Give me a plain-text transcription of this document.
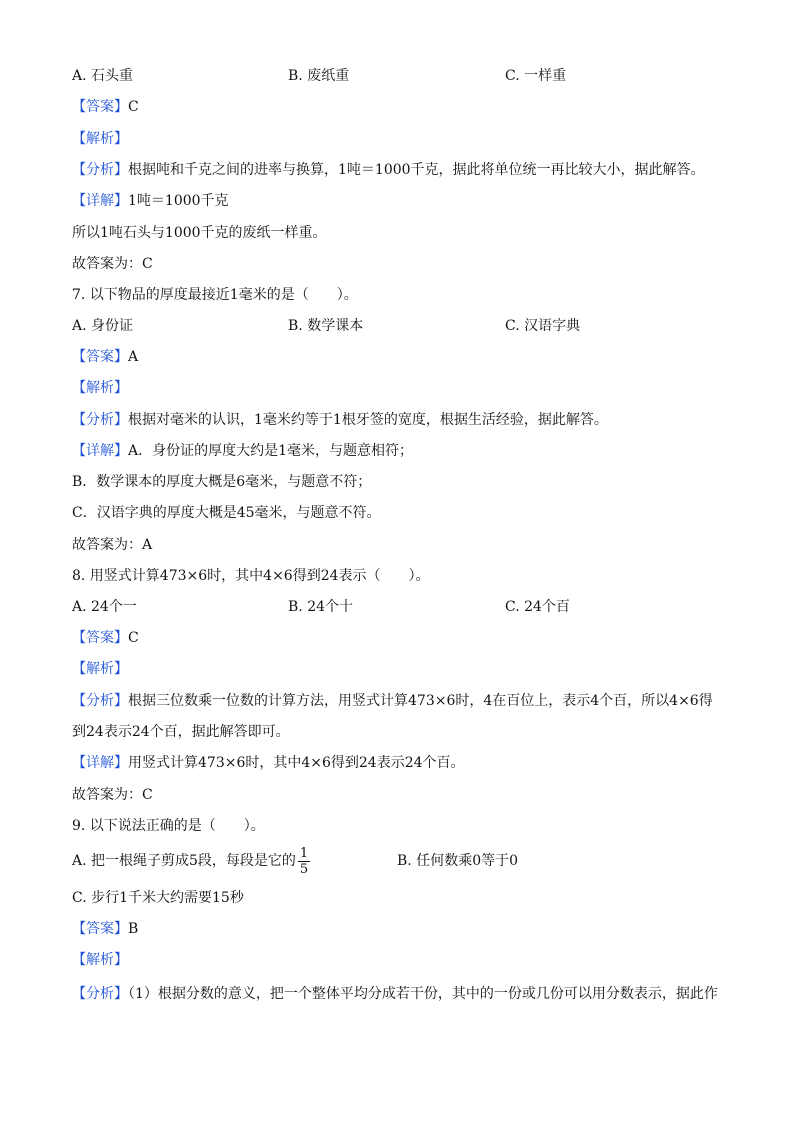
A. 石头重	B. 废纸重	C. 一样重
【答案】C
【解析】
【分析】根据吨和千克之间的进率与换算，1吨＝1000千克，据此将单位统一再比较大小，据此解答。
【详解】1吨＝1000千克
所以1吨石头与1000千克的废纸一样重。
故答案为：C
7. 以下物品的厚度最接近1毫米的是（　　）。
A. 身份证	B. 数学课本	C. 汉语字典
【答案】A
【解析】
【分析】根据对毫米的认识，1毫米约等于1根牙签的宽度，根据生活经验，据此解答。
【详解】A．身份证的厚度大约是1毫米，与题意相符；
B．数学课本的厚度大概是6毫米，与题意不符；
C．汉语字典的厚度大概是45毫米，与题意不符。
故答案为：A
8. 用竖式计算473×6时，其中4×6得到24表示（　　）。
A. 24个一	B. 24个十	C. 24个百
【答案】C
【解析】
【分析】根据三位数乘一位数的计算方法，用竖式计算473×6时，4在百位上，表示4个百，所以4×6得
到24表示24个百，据此解答即可。
【详解】用竖式计算473×6时，其中4×6得到24表示24个百。
故答案为：C
9. 以下说法正确的是（　　）。
A. 把一根绳子剪成5段，每段是它的 $\frac{1}{5}$	B. 任何数乘0等于0
C. 步行1千米大约需要15秒
【答案】B
【解析】
【分析】（1）根据分数的意义，把一个整体平均分成若干份，其中的一份或几份可以用分数表示，据此作
